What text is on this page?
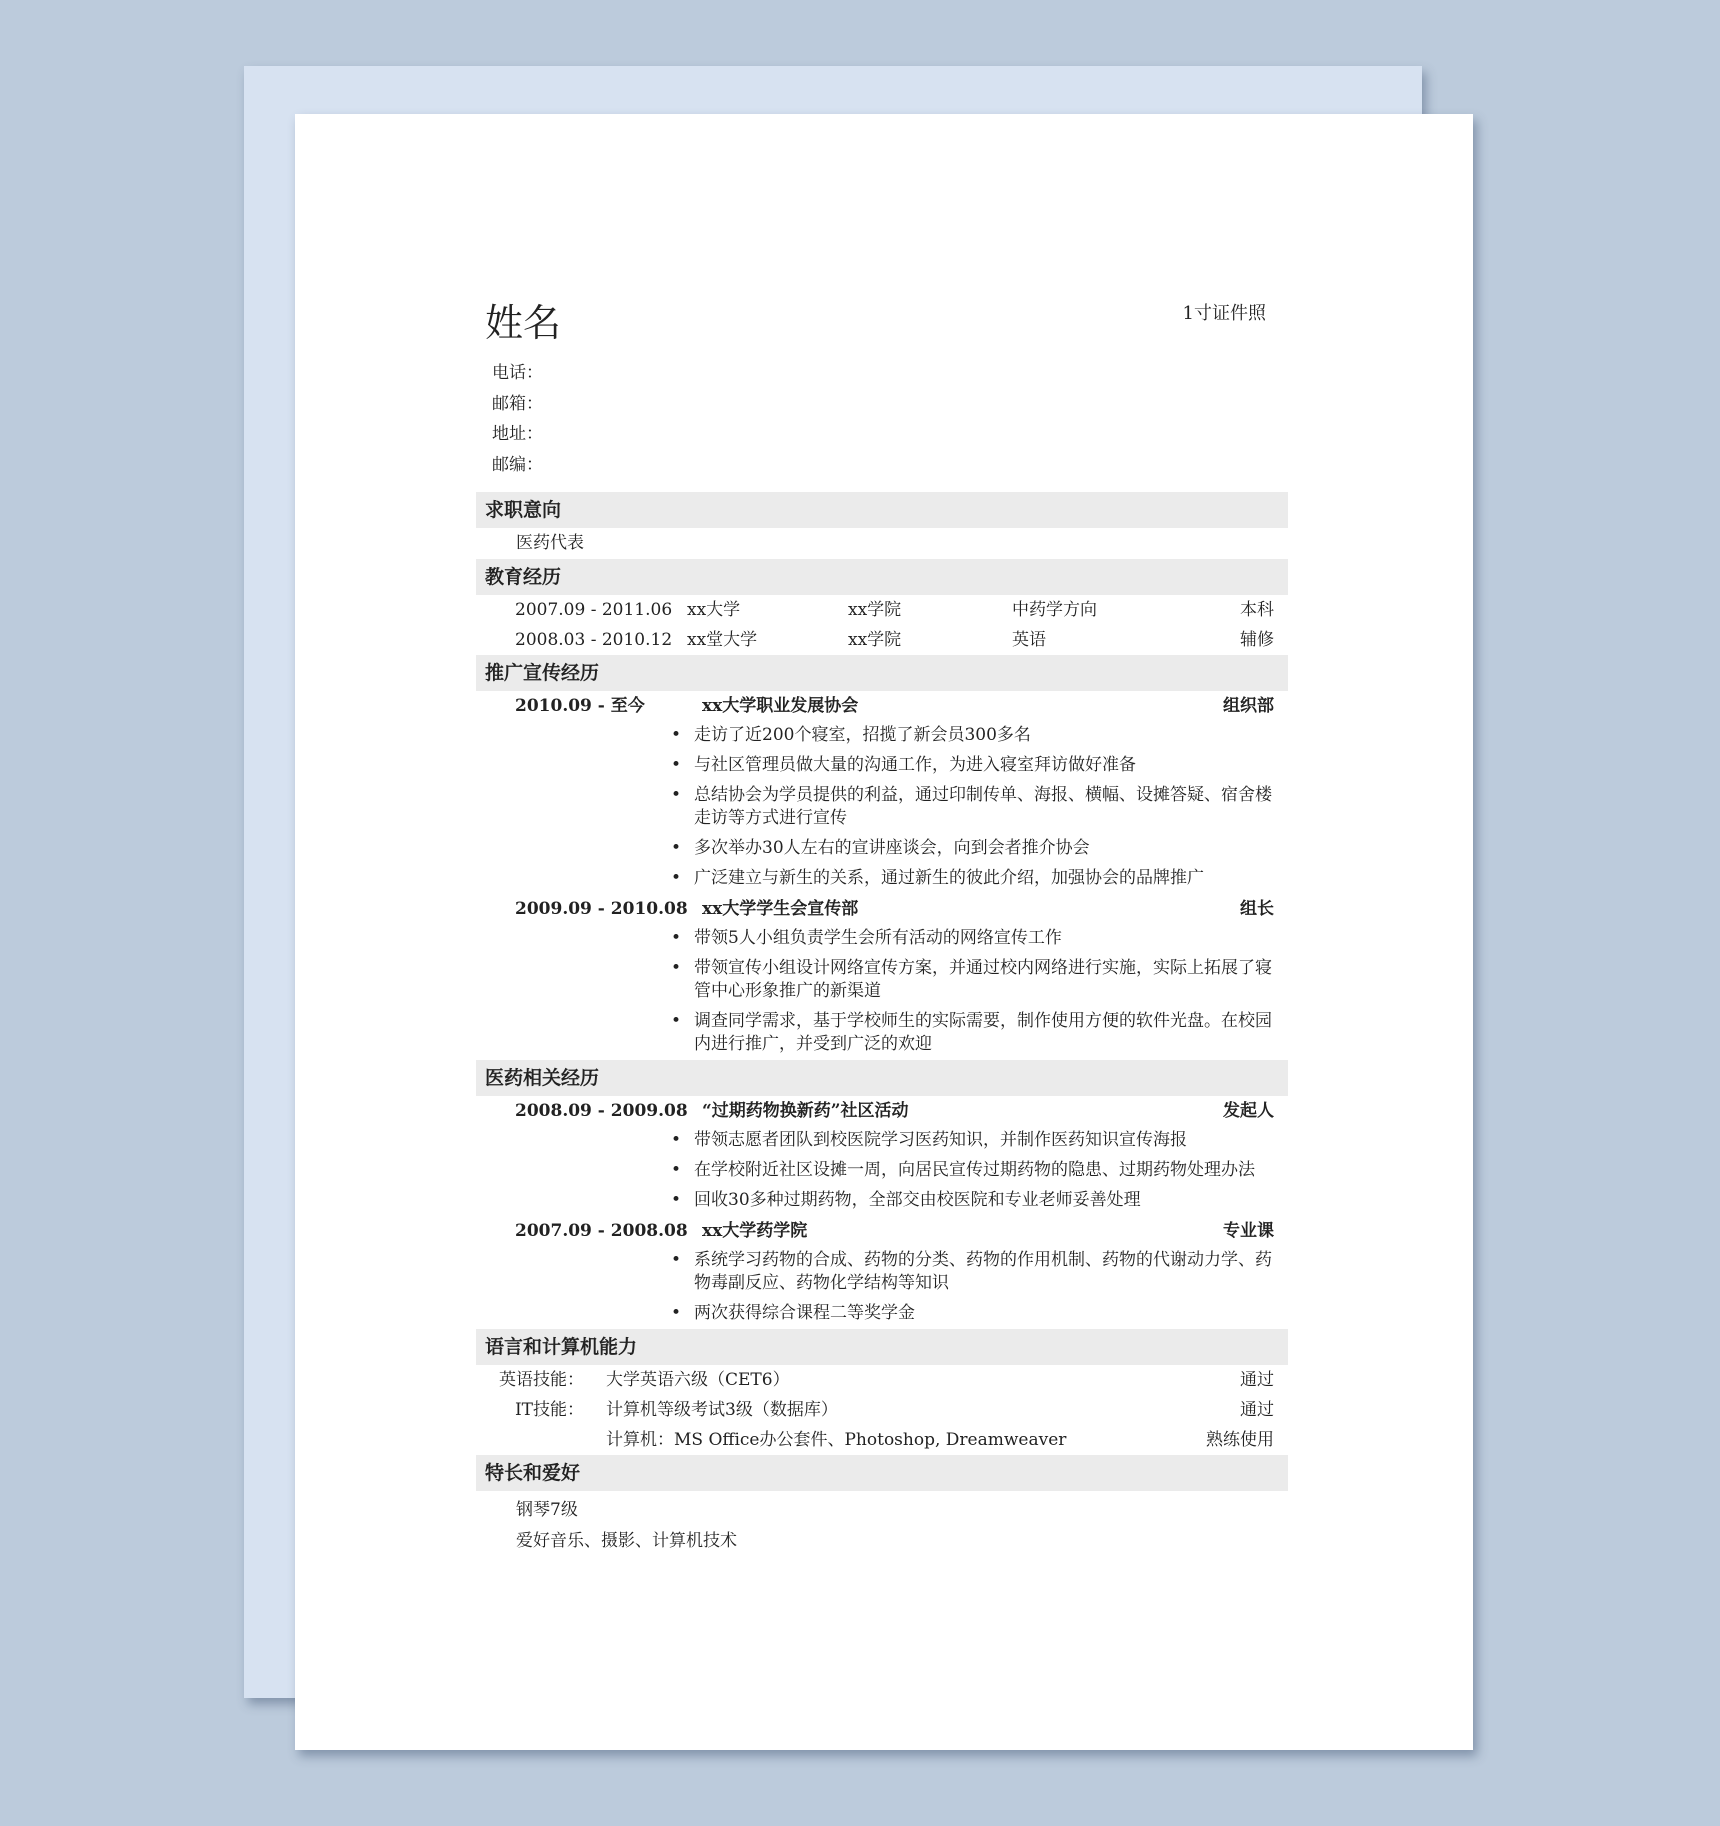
姓名	1寸证件照
电话：
邮箱：
地址：
邮编：
求职意向
医药代表
教育经历
2007.09 - 2011.06 xx大学	xx学院	中药学方向	本科
2008.03 - 2010.12 xx堂大学	xx学院	英语	辅修
推广宣传经历
2010.09 - 至今	xx大学职业发展协会	组织部
• 走访了近200个寝室，招揽了新会员300多名
• 与社区管理员做大量的沟通工作，为进入寝室拜访做好准备
• 总结协会为学员提供的利益，通过印制传单、海报、横幅、设摊答疑、宿舍楼走访等方式进行宣传
• 多次举办30人左右的宣讲座谈会，向到会者推介协会
• 广泛建立与新生的关系，通过新生的彼此介绍，加强协会的品牌推广
2009.09 - 2010.08 xx大学学生会宣传部	组长
• 带领5人小组负责学生会所有活动的网络宣传工作
• 带领宣传小组设计网络宣传方案，并通过校内网络进行实施，实际上拓展了寝管中心形象推广的新渠道
• 调查同学需求，基于学校师生的实际需要，制作使用方便的软件光盘。在校园内进行推广，并受到广泛的欢迎
医药相关经历
2008.09 - 2009.08 “过期药物换新药”社区活动	发起人
• 带领志愿者团队到校医院学习医药知识，并制作医药知识宣传海报
• 在学校附近社区设摊一周，向居民宣传过期药物的隐患、过期药物处理办法
• 回收30多种过期药物，全部交由校医院和专业老师妥善处理
2007.09 - 2008.08 xx大学药学院	专业课
• 系统学习药物的合成、药物的分类、药物的作用机制、药物的代谢动力学、药物毒副反应、药物化学结构等知识
• 两次获得综合课程二等奖学金
语言和计算机能力
英语技能： 大学英语六级（CET6）	通过
IT技能： 计算机等级考试3级（数据库）	通过
计算机：MS Office办公套件、Photoshop, Dreamweaver	熟练使用
特长和爱好
钢琴7级
爱好音乐、摄影、计算机技术
